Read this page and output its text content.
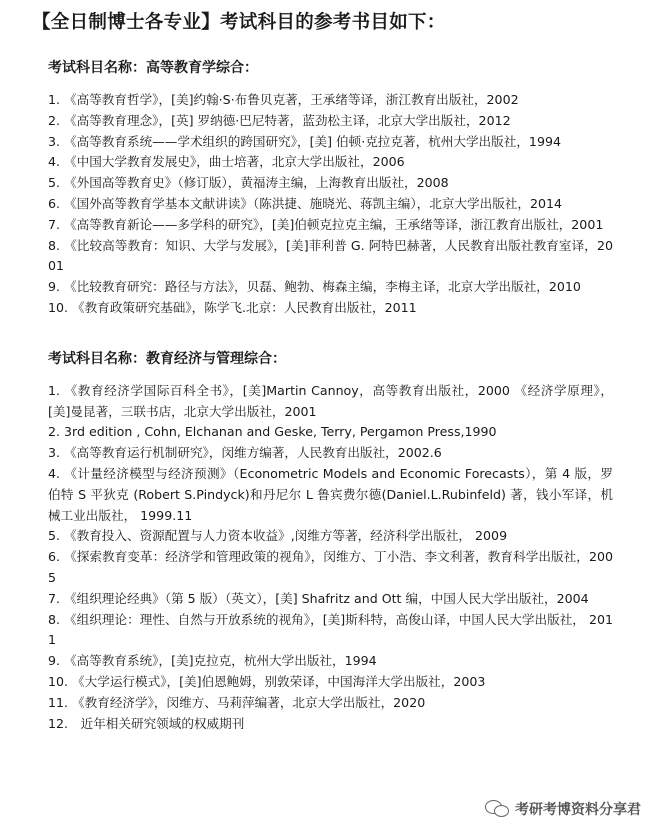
【全日制博士各专业】考试科目的参考书目如下：
考试科目名称：高等教育学综合：
1. 《高等教育哲学》，[美]约翰·S·布鲁贝克著，王承绪等译，浙江教育出版社，2002
2. 《高等教育理念》，[英] 罗纳德·巴尼特著，蓝劲松主译，北京大学出版社，2012
3. 《高等教育系统——学术组织的跨国研究》，[美] 伯顿·克拉克著，杭州大学出版社，1994
4. 《中国大学教育发展史》，曲士培著，北京大学出版社，2006
5. 《外国高等教育史》（修订版），黄福涛主编，上海教育出版社，2008
6. 《国外高等教育学基本文献讲读》（陈洪捷、施晓光、蒋凯主编），北京大学出版社，2014
7. 《高等教育新论——多学科的研究》，[美]伯顿克拉克主编，王承绪等译，浙江教育出版社，2001
8. 《比较高等教育：知识、大学与发展》，[美]菲利普 G. 阿特巴赫著，人民教育出版社教育室译，2001
9. 《比较教育研究：路径与方法》，贝磊、鲍勃、梅森主编，李梅主译，北京大学出版社，2010
10. 《教育政策研究基础》，陈学飞.北京：人民教育出版社，2011
考试科目名称：教育经济与管理综合：
1. 《教育经济学国际百科全书》，[美]Martin Cannoy，高等教育出版社，2000 《经济学原理》，[美]曼昆著，三联书店，北京大学出版社，2001
2. 3rd edition , Cohn, Elchanan and Geske, Terry, Pergamon Press,1990
3. 《高等教育运行机制研究》，闵维方编著，人民教育出版社，2002.6
4. 《计量经济模型与经济预测》（Econometric Models and Economic Forecasts），第 4 版，罗伯特 S 平狄克 (Robert S.Pindyck)和丹尼尔 L 鲁宾费尔德(Daniel.L.Rubinfeld) 著，钱小军译，机械工业出版社， 1999.11
5. 《教育投入、资源配置与人力资本收益》,闵维方等著，经济科学出版社， 2009
6. 《探索教育变革：经济学和管理政策的视角》，闵维方、丁小浩、李文利著，教育科学出版社，2005
7. 《组织理论经典》（第 5 版）（英文），[美] Shafritz and Ott 编，中国人民大学出版社，2004
8. 《组织理论：理性、自然与开放系统的视角》，[美]斯科特，高俊山译，中国人民大学出版社， 2011
9. 《高等教育系统》，[美]克拉克，杭州大学出版社，1994
10. 《大学运行模式》，[美]伯恩鲍姆，别敦荣译，中国海洋大学出版社，2003
11. 《教育经济学》，闵维方、马莉萍编著，北京大学出版社，2020
12.　近年相关研究领域的权威期刊
考研考博资料分享君
